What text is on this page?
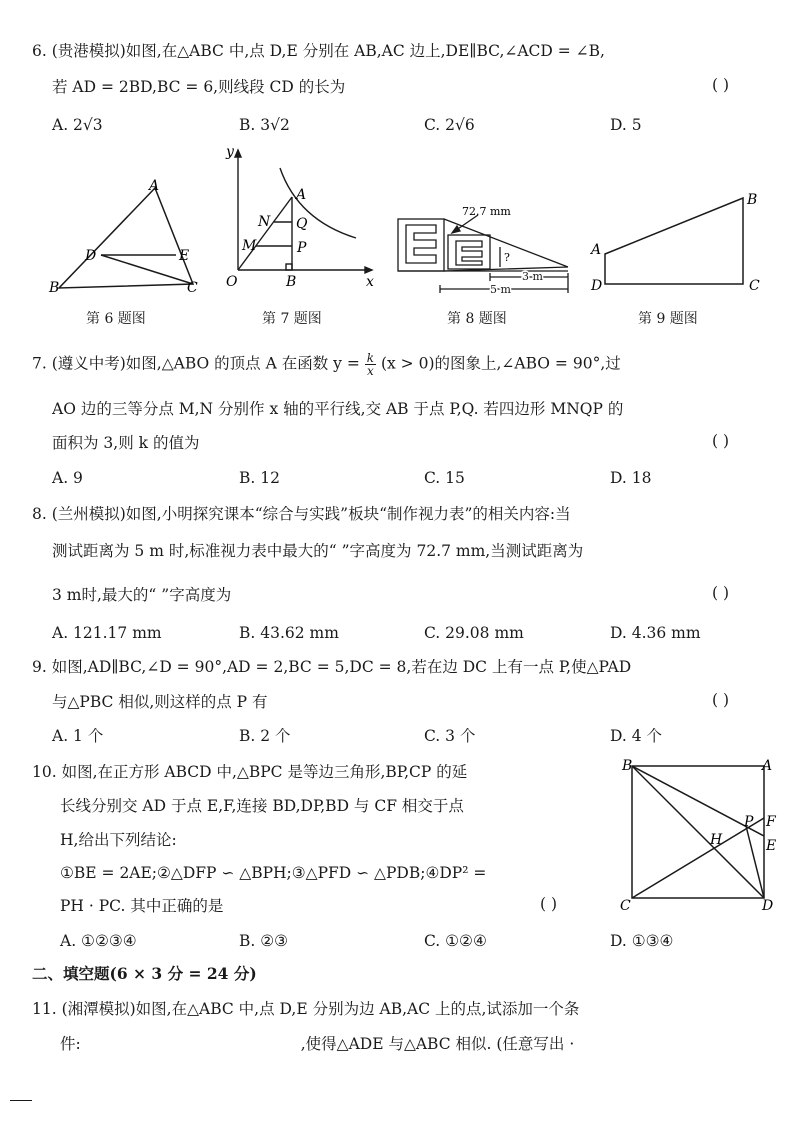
6. (贵港模拟)如图,在△ABC 中,点 D,E 分别在 AB,AC 边上,DE∥BC,∠ACD = ∠B,
若 AD = 2BD,BC = 6,则线段 CD 的长为	( )
A. 2√3	B. 3√2	C. 2√6	D. 5
A
D	E
B	C
第 6 题图
y
A
N Q
M	P
O	B	x
第 7 题图
72.7 mm
?
3 m
5 m
第 8 题图
B
A
D	C
第 9 题图
7. (遵义中考)如图,△ABO 的顶点 A 在函数 $y = \frac{k}{x} (x > 0)$的图象上,∠ABO = 90°,过
AO 边的三等分点 M,N 分别作 x 轴的平行线,交 AB 于点 P,Q. 若四边形 MNQP 的
面积为 3,则 k 的值为	( )
A. 9	B. 12	C. 15	D. 18
8. (兰州模拟)如图,小明探究课本“综合与实践”板块“制作视力表”的相关内容:当
测试距离为 5 m 时,标准视力表中最大的“ ”字高度为 72.7 mm,当测试距离为
3 m时,最大的“ ”字高度为	( )
A. 121.17 mm	B. 43.62 mm	C. 29.08 mm	D. 4.36 mm
9. 如图,AD∥BC,∠D = 90°,AD = 2,BC = 5,DC = 8,若在边 DC 上有一点 P,使△PAD
与△PBC 相似,则这样的点 P 有	( )
A. 1 个	B. 2 个	C. 3 个	D. 4 个
10. 如图,在正方形 ABCD 中,△BPC 是等边三角形,BP,CP 的延
长线分别交 AD 于点 E,F,连接 BD,DP,BD 与 CF 相交于点
H,给出下列结论:
①BE = 2AE;②△DFP ∽ △BPH;③△PFD ∽ △PDB;④DP² =
PH · PC. 其中正确的是	( )
A. ①②③④	B. ②③	C. ①②④	D. ①③④
B	A
P F
H	E
C	D
二、填空题(6 × 3 分 = 24 分)
11. (湘潭模拟)如图,在△ABC 中,点 D,E 分别为边 AB,AC 上的点,试添加一个条
件:	,使得△ADE 与△ABC 相似. (任意写出 ·
